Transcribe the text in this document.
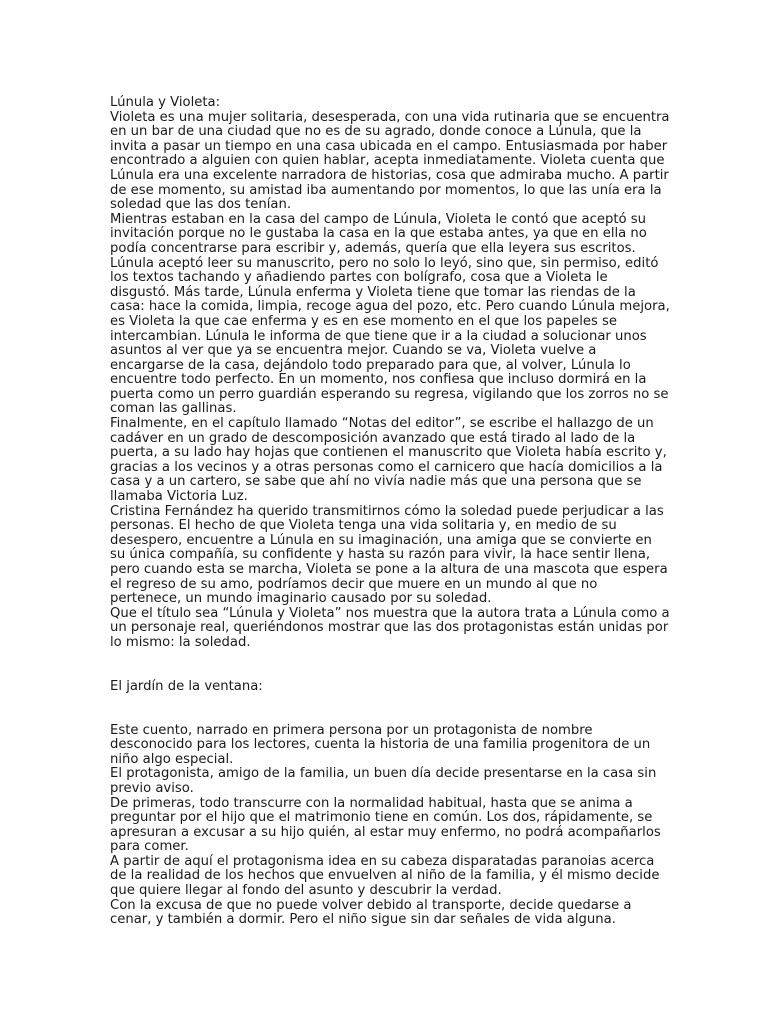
Lúnula y Violeta:

Violeta es una mujer solitaria, desesperada, con una vida rutinaria que se encuentra en un bar de una ciudad que no es de su agrado, donde conoce a Lúnula, que la invita a pasar un tiempo en una casa ubicada en el campo. Entusiasmada por haber encontrado a alguien con quien hablar, acepta inmediatamente. Violeta cuenta que Lúnula era una excelente narradora de historias, cosa que admiraba mucho. A partir de ese momento, su amistad iba aumentando por momentos, lo que las unía era la soledad que las dos tenían.

Mientras estaban en la casa del campo de Lúnula, Violeta le contó que aceptó su invitación porque no le gustaba la casa en la que estaba antes, ya que en ella no podía concentrarse para escribir y, además, quería que ella leyera sus escritos. Lúnula aceptó leer su manuscrito, pero no solo lo leyó, sino que, sin permiso, editó los textos tachando y añadiendo partes con bolígrafo, cosa que a Violeta le disgustó. Más tarde, Lúnula enferma y Violeta tiene que tomar las riendas de la casa: hace la comida, limpia, recoge agua del pozo, etc. Pero cuando Lúnula mejora, es Violeta la que cae enferma y es en ese momento en el que los papeles se intercambian. Lúnula le informa de que tiene que ir a la ciudad a solucionar unos asuntos al ver que ya se encuentra mejor. Cuando se va, Violeta vuelve a encargarse de la casa, dejándolo todo preparado para que, al volver, Lúnula lo encuentre todo perfecto. En un momento, nos confiesa que incluso dormirá en la puerta como un perro guardián esperando su regresa, vigilando que los zorros no se coman las gallinas.

Finalmente, en el capítulo llamado “Notas del editor”, se escribe el hallazgo de un cadáver en un grado de descomposición avanzado que está tirado al lado de la puerta, a su lado hay hojas que contienen el manuscrito que Violeta había escrito y, gracias a los vecinos y a otras personas como el carnicero que hacía domicilios a la casa y a un cartero, se sabe que ahí no vivía nadie más que una persona que se llamaba Victoria Luz.

Cristina Fernández ha querido transmitirnos cómo la soledad puede perjudicar a las personas. El hecho de que Violeta tenga una vida solitaria y, en medio de su desespero, encuentre a Lúnula en su imaginación, una amiga que se convierte en su única compañía, su confidente y hasta su razón para vivir, la hace sentir llena, pero cuando esta se marcha, Violeta se pone a la altura de una mascota que espera el regreso de su amo, podríamos decir que muere en un mundo al que no pertenece, un mundo imaginario causado por su soledad.

Que el título sea “Lúnula y Violeta” nos muestra que la autora trata a Lúnula como a un personaje real, queriéndonos mostrar que las dos protagonistas están unidas por lo mismo: la soledad.

El jardín de la ventana:

Este cuento, narrado en primera persona por un protagonista de nombre desconocido para los lectores, cuenta la historia de una familia progenitora de un niño algo especial.

El protagonista, amigo de la familia, un buen día decide presentarse en la casa sin previo aviso.

De primeras, todo transcurre con la normalidad habitual, hasta que se anima a preguntar por el hijo que el matrimonio tiene en común. Los dos, rápidamente, se apresuran a excusar a su hijo quién, al estar muy enfermo, no podrá acompañarlos para comer.

A partir de aquí el protagonisma idea en su cabeza disparatadas paranoias acerca de la realidad de los hechos que envuelven al niño de la familia, y él mismo decide que quiere llegar al fondo del asunto y descubrir la verdad.

Con la excusa de que no puede volver debido al transporte, decide quedarse a cenar, y también a dormir. Pero el niño sigue sin dar señales de vida alguna.
